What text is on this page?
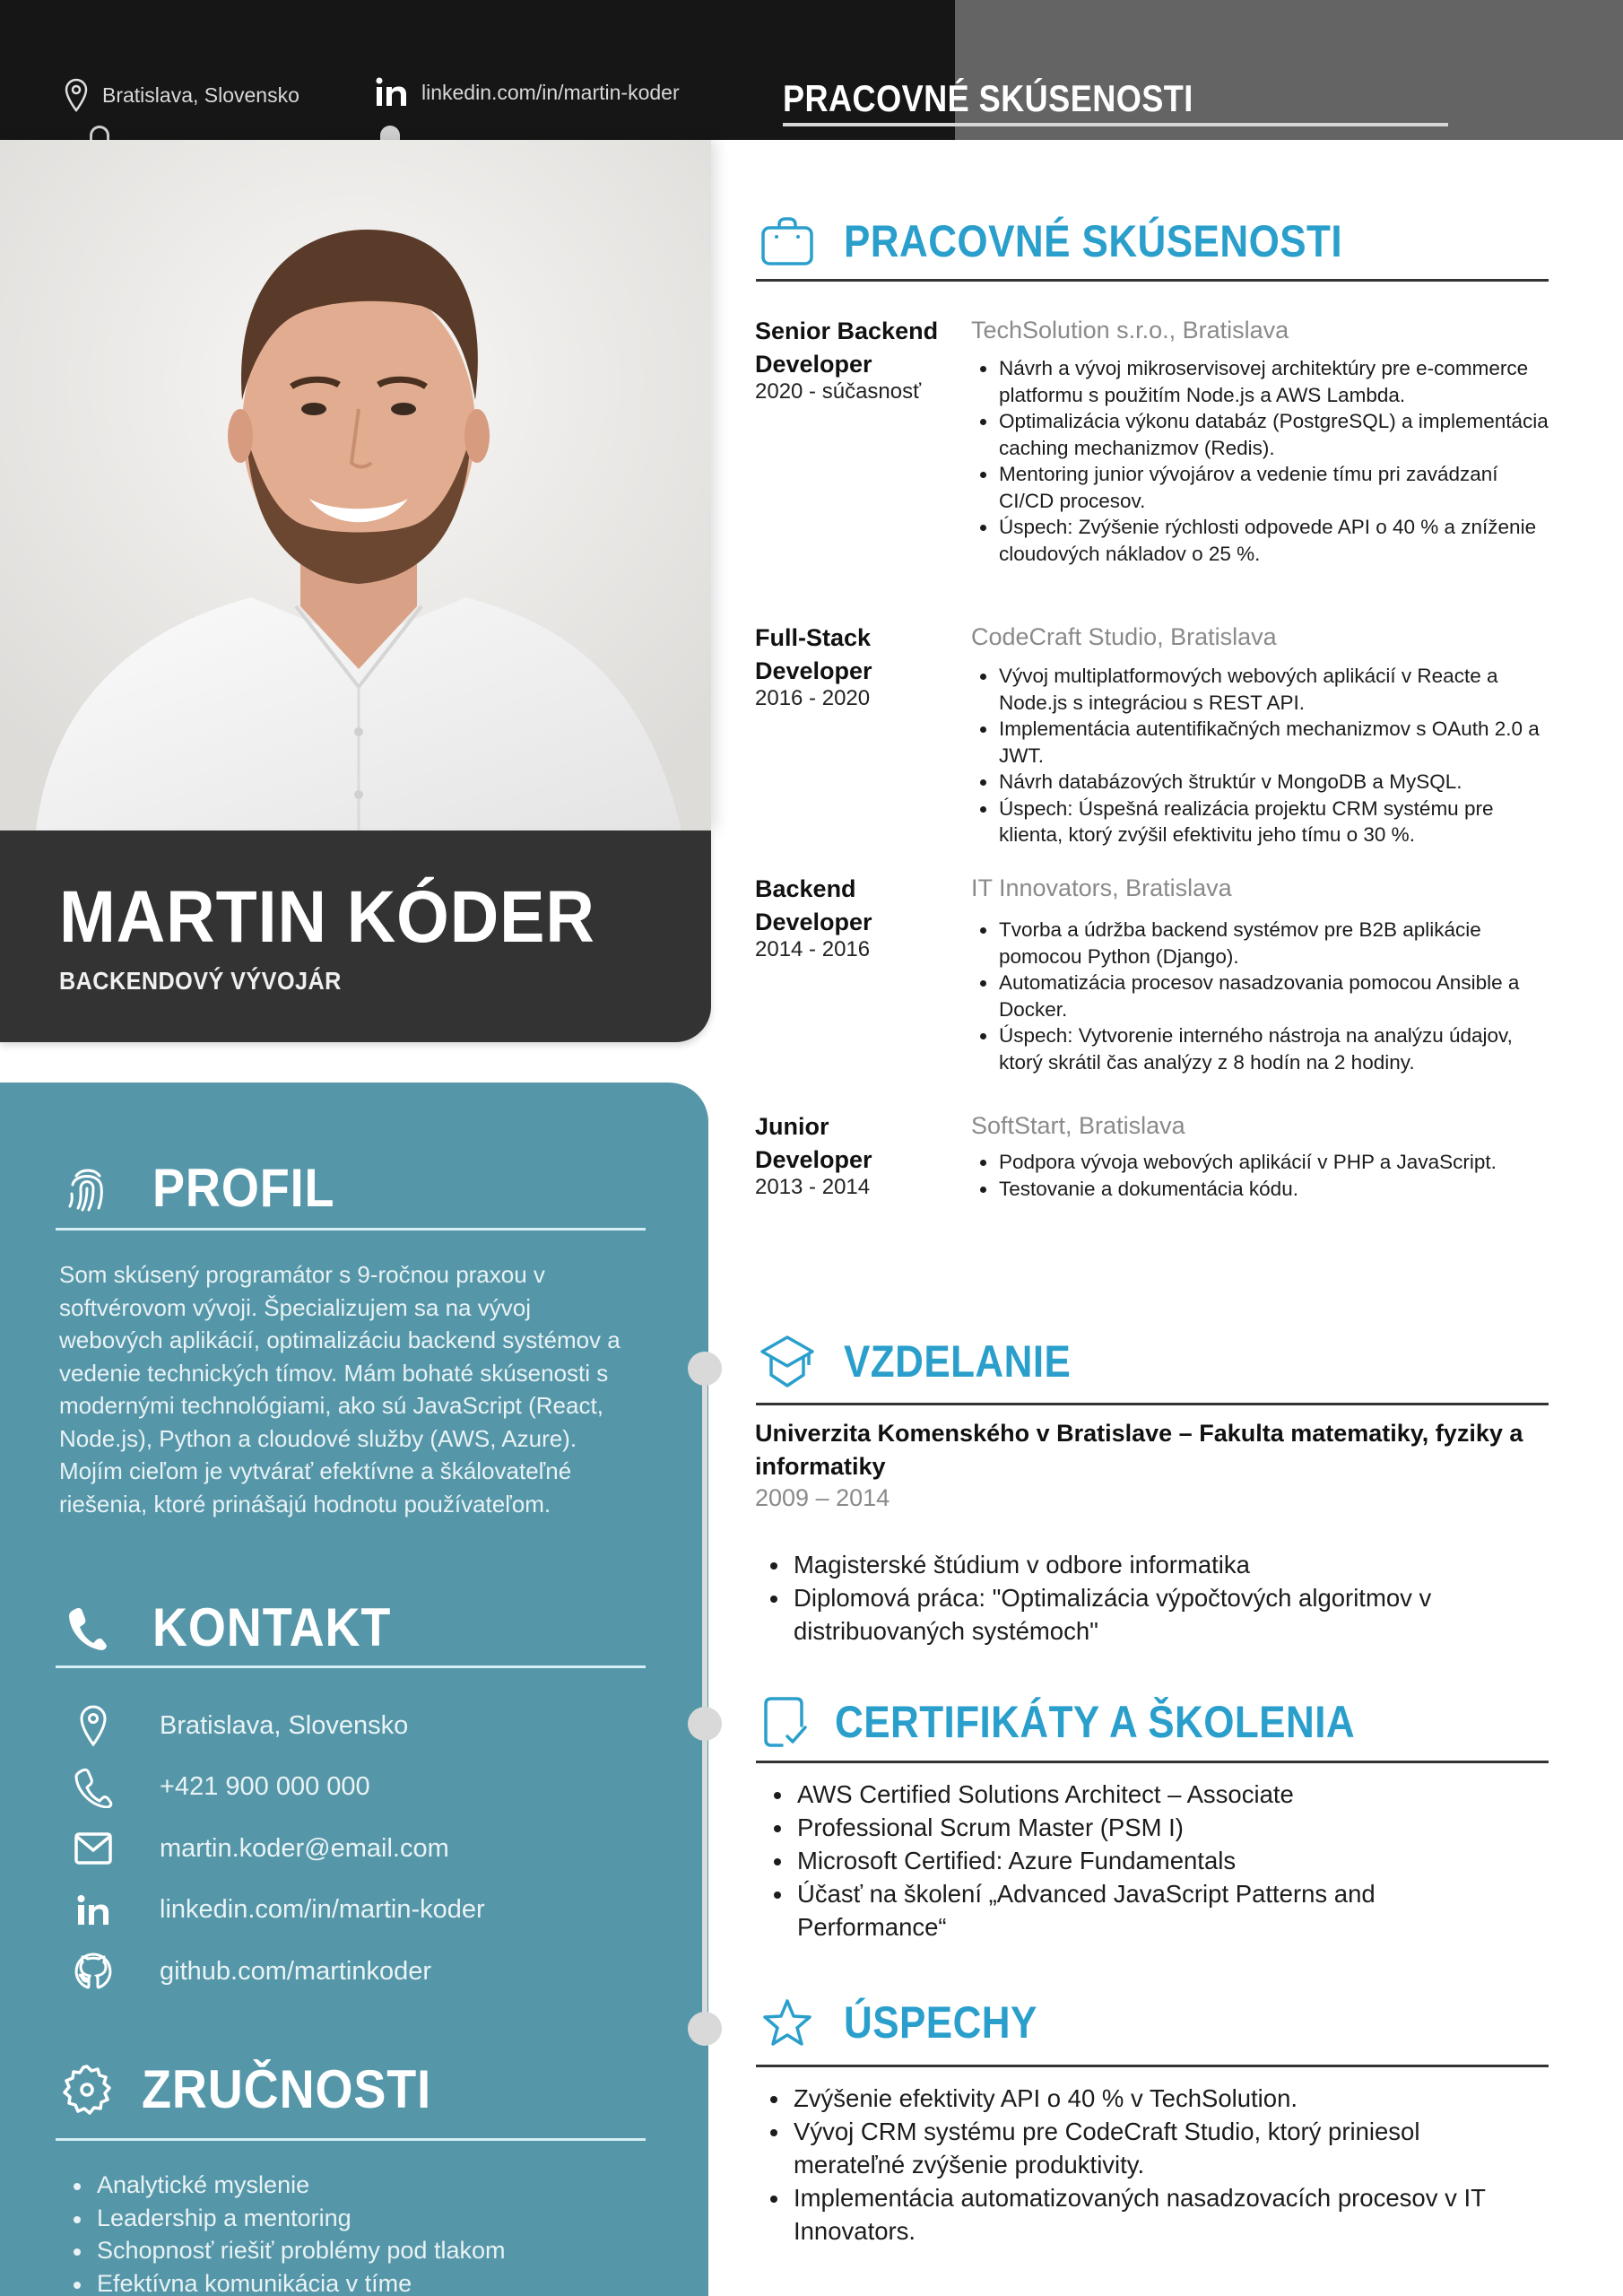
Bratislava, Slovensko	linkedin.com/in/martin-koder	PRACOVNÉ SKÚSENOSTI
MARTIN KÓDER
BACKENDOVÝ VÝVOJÁR
PROFIL
Som skúsený programátor s 9-ročnou praxou v softvérovom vývoji. Špecializujem sa na vývoj webových aplikácií, optimalizáciu backend systémov a vedenie technických tímov. Mám bohaté skúsenosti s modernými technológiami, ako sú JavaScript (React, Node.js), Python a cloudové služby (AWS, Azure). Mojím cieľom je vytvárať efektívne a škálovateľné riešenia, ktoré prinášajú hodnotu používateľom.
KONTAKT
Bratislava, Slovensko
+421 900 000 000
martin.koder@email.com
linkedin.com/in/martin-koder
github.com/martinkoder
ZRUČNOSTI
Analytické myslenie
Leadership a mentoring
Schopnosť riešiť problémy pod tlakom
Efektívna komunikácia v tíme
PRACOVNÉ SKÚSENOSTI
Senior Backend Developer
2020 - súčasnosť
TechSolution s.r.o., Bratislava
Návrh a vývoj mikroservisovej architektúry pre e-commerce platformu s použitím Node.js a AWS Lambda.
Optimalizácia výkonu databáz (PostgreSQL) a implementácia caching mechanizmov (Redis).
Mentoring junior vývojárov a vedenie tímu pri zavádzaní CI/CD procesov.
Úspech: Zvýšenie rýchlosti odpovede API o 40 % a zníženie cloudových nákladov o 25 %.
Full-Stack Developer
2016 - 2020
CodeCraft Studio, Bratislava
Vývoj multiplatformových webových aplikácií v Reacte a Node.js s integráciou s REST API.
Implementácia autentifikačných mechanizmov s OAuth 2.0 a JWT.
Návrh databázových štruktúr v MongoDB a MySQL.
Úspech: Úspešná realizácia projektu CRM systému pre klienta, ktorý zvýšil efektivitu jeho tímu o 30 %.
Backend Developer
2014 - 2016
IT Innovators, Bratislava
Tvorba a údržba backend systémov pre B2B aplikácie pomocou Python (Django).
Automatizácia procesov nasadzovania pomocou Ansible a Docker.
Úspech: Vytvorenie interného nástroja na analýzu údajov, ktorý skrátil čas analýzy z 8 hodín na 2 hodiny.
Junior Developer
2013 - 2014
SoftStart, Bratislava
Podpora vývoja webových aplikácií v PHP a JavaScript.
Testovanie a dokumentácia kódu.
VZDELANIE
Univerzita Komenského v Bratislave – Fakulta matematiky, fyziky a informatiky
2009 – 2014
Magisterské štúdium v odbore informatika
Diplomová práca: "Optimalizácia výpočtových algoritmov v distribuovaných systémoch"
CERTIFIKÁTY A ŠKOLENIA
AWS Certified Solutions Architect – Associate
Professional Scrum Master (PSM I)
Microsoft Certified: Azure Fundamentals
Účasť na školení „Advanced JavaScript Patterns and Performance“
ÚSPECHY
Zvýšenie efektivity API o 40 % v TechSolution.
Vývoj CRM systému pre CodeCraft Studio, ktorý priniesol merateľné zvýšenie produktivity.
Implementácia automatizovaných nasadzovacích procesov v IT Innovators.
